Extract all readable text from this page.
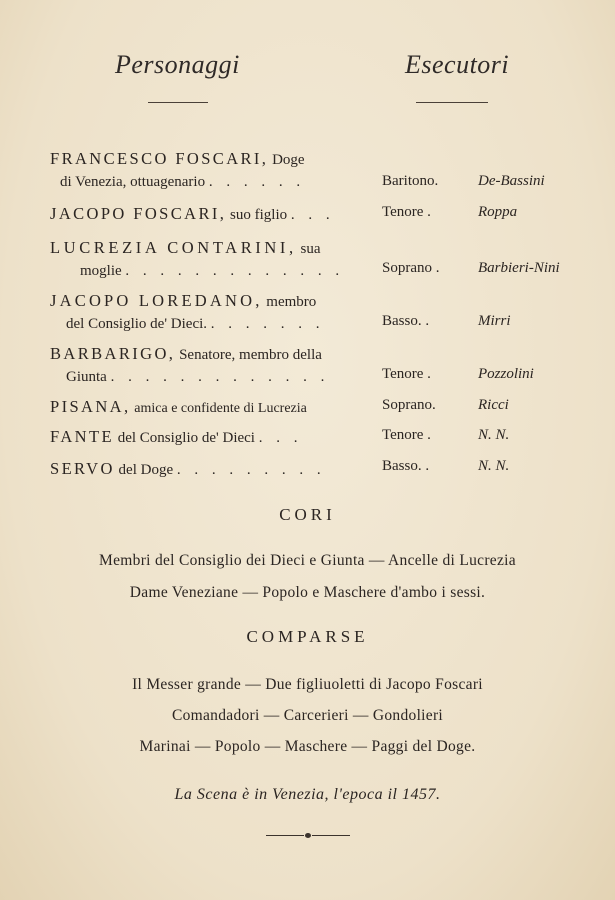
Personaggi	Esecutori
FRANCESCO FOSCARI, Doge
di Venezia, ottuagenario . . . . . .	Baritono.	De-Bassini
JACOPO FOSCARI, suo figlio . . .	Tenore .	Roppa
LUCREZIA CONTARINI, sua
moglie . . . . . . . . . . . . .	Soprano .	Barbieri-Nini
JACOPO LOREDANO, membro
del Consiglio de' Dieci. . . . . . . .	Basso. .	Mirri
BARBARIGO, Senatore, membro della
Giunta . . . . . . . . . . . . .	Tenore .	Pozzolini
PISANA, amica e confidente di Lucrezia	Soprano.	Ricci
FANTE del Consiglio de' Dieci . . .	Tenore .	N. N.
SERVO del Doge . . . . . . . . .	Basso. .	N. N.
CORI
Membri del Consiglio dei Dieci e Giunta — Ancelle di Lucrezia
Dame Veneziane — Popolo e Maschere d'ambo i sessi.
COMPARSE
Il Messer grande — Due figliuoletti di Jacopo Foscari
Comandadori — Carcerieri — Gondolieri
Marinai — Popolo — Maschere — Paggi del Doge.
La Scena è in Venezia, l'epoca il 1457.
